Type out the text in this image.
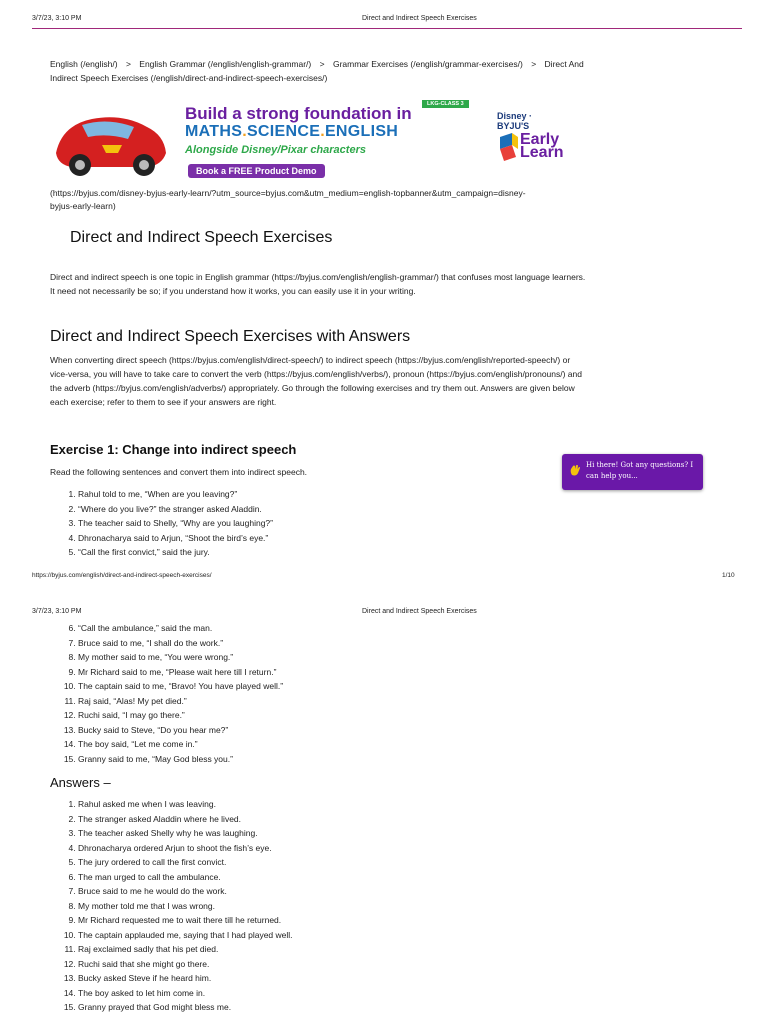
3/7/23, 3:10 PM	Direct and Indirect Speech Exercises
English (/english/) > English Grammar (/english/english-grammar/) > Grammar Exercises (/english/grammar-exercises/) > Direct And Indirect Speech Exercises (/english/direct-and-indirect-speech-exercises/)
Build a strong foundation in
MATHS.SCIENCE.ENGLISH
Alongside Disney/Pixar characters
Book a FREE Product Demo
LKG-CLASS 3
Disney · BYJU'S
Early
Learn
(https://byjus.com/disney-byjus-early-learn/?utm_source=byjus.com&utm_medium=english-topbanner&utm_campaign=disney-byjus-early-learn)
Direct and Indirect Speech Exercises

Direct and indirect speech is one topic in English grammar (https://byjus.com/english/english-grammar/) that confuses most language learners. It need not necessarily be so; if you understand how it works, you can easily use it in your writing.

Direct and Indirect Speech Exercises with Answers

When converting direct speech (https://byjus.com/english/direct-speech/) to indirect speech (https://byjus.com/english/reported-speech/) or vice-versa, you will have to take care to convert the verb (https://byjus.com/english/verbs/), pronoun (https://byjus.com/english/pronouns/) and the adverb (https://byjus.com/english/adverbs/) appropriately. Go through the following exercises and try them out. Answers are given below each exercise; refer to them to see if your answers are right.

Exercise 1: Change into indirect speech

Read the following sentences and convert them into indirect speech.

1. Rahul told to me, “When are you leaving?”
2. “Where do you live?” the stranger asked Aladdin.
3. The teacher said to Shelly, “Why are you laughing?”
4. Dhronacharya said to Arjun, “Shoot the bird’s eye.”
5. “Call the first convict,” said the jury.
Hi there! Got any questions? I can help you...
https://byjus.com/english/direct-and-indirect-speech-exercises/	1/10
3/7/23, 3:10 PM	Direct and Indirect Speech Exercises
6. “Call the ambulance,” said the man.
7. Bruce said to me, “I shall do the work.”
8. My mother said to me, “You were wrong.”
9. Mr Richard said to me, “Please wait here till I return.”
10. The captain said to me, “Bravo! You have played well.”
11. Raj said, “Alas! My pet died.”
12. Ruchi said, “I may go there.”
13. Bucky said to Steve, “Do you hear me?”
14. The boy said, “Let me come in.”
15. Granny said to me, “May God bless you.”
Answers –
1. Rahul asked me when I was leaving.
2. The stranger asked Aladdin where he lived.
3. The teacher asked Shelly why he was laughing.
4. Dhronacharya ordered Arjun to shoot the fish’s eye.
5. The jury ordered to call the first convict.
6. The man urged to call the ambulance.
7. Bruce said to me he would do the work.
8. My mother told me that I was wrong.
9. Mr Richard requested me to wait there till he returned.
10. The captain applauded me, saying that I had played well.
11. Raj exclaimed sadly that his pet died.
12. Ruchi said that she might go there.
13. Bucky asked Steve if he heard him.
14. The boy asked to let him come in.
15. Granny prayed that God might bless me.
